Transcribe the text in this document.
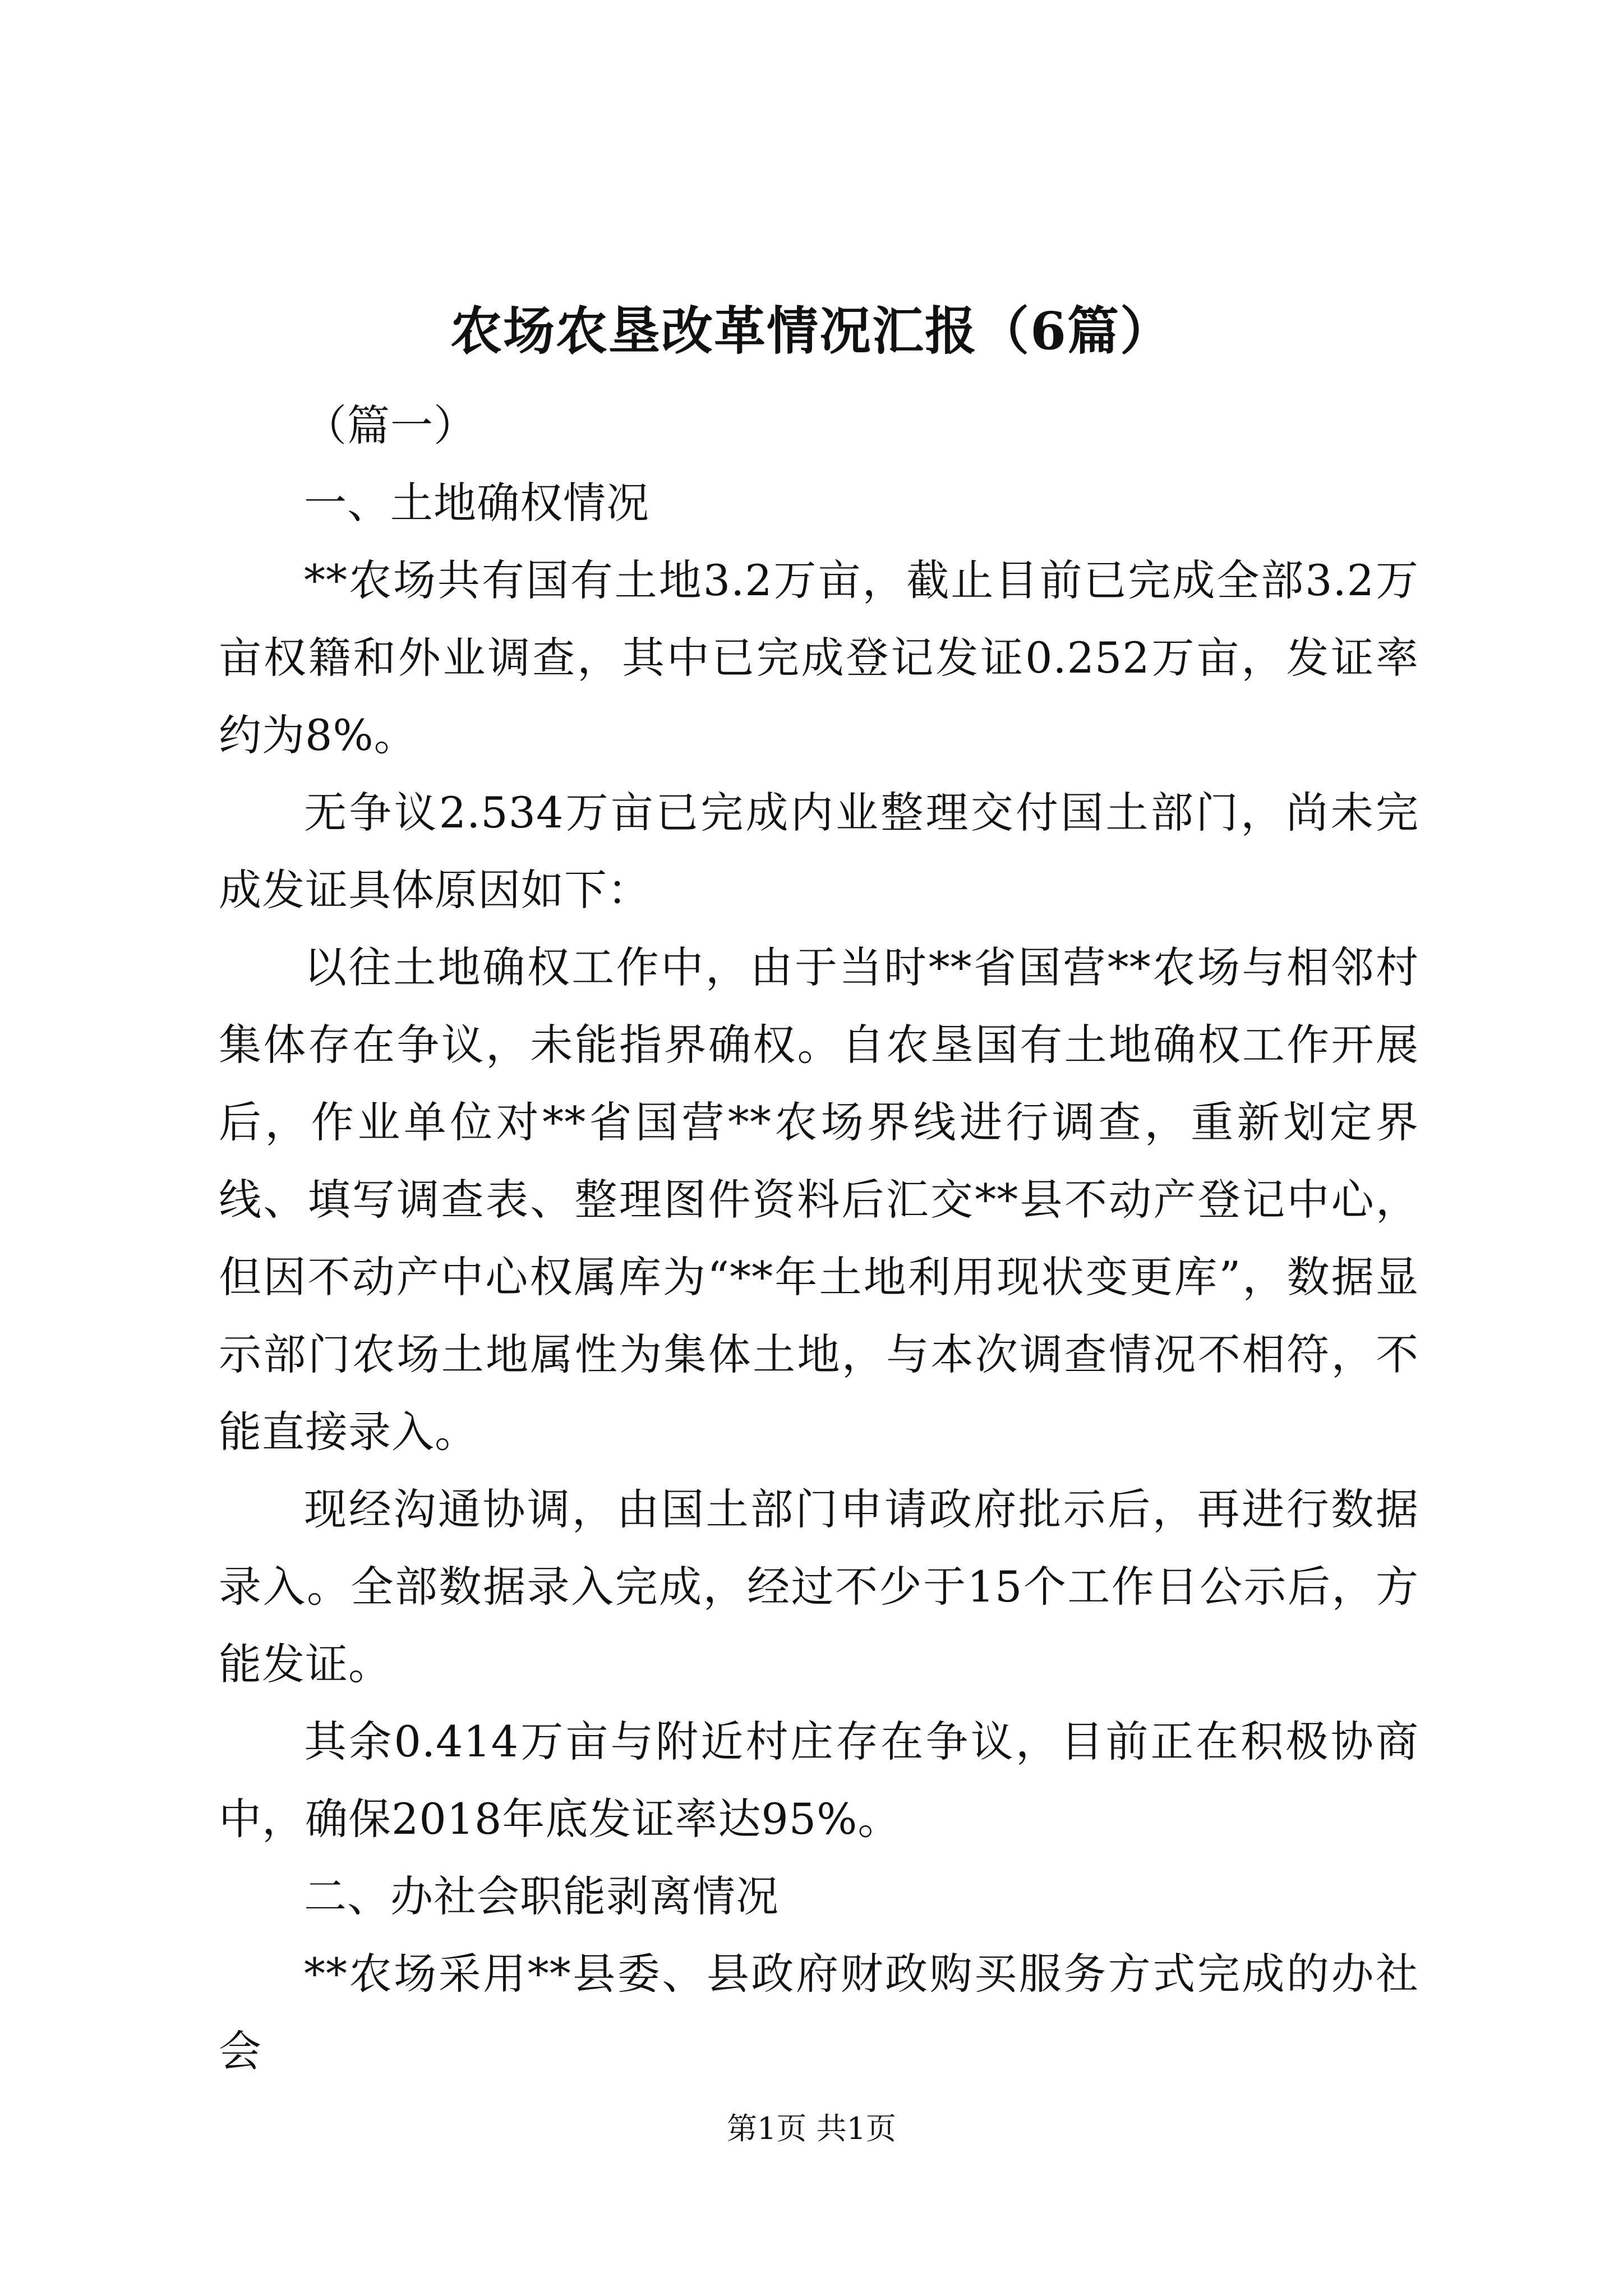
农场农垦改革情况汇报（6篇）

（篇一）

一、土地确权情况

**农场共有国有土地3.2万亩，截止目前已完成全部3.2万亩权籍和外业调查，其中已完成登记发证0.252万亩，发证率约为8%。

无争议2.534万亩已完成内业整理交付国土部门，尚未完成发证具体原因如下：

以往土地确权工作中，由于当时**省国营**农场与相邻村集体存在争议，未能指界确权。自农垦国有土地确权工作开展后，作业单位对**省国营**农场界线进行调查，重新划定界线、填写调查表、整理图件资料后汇交**县不动产登记中心，但因不动产中心权属库为“**年土地利用现状变更库”，数据显示部门农场土地属性为集体土地，与本次调查情况不相符，不能直接录入。

现经沟通协调，由国土部门申请政府批示后，再进行数据录入。全部数据录入完成，经过不少于15个工作日公示后，方能发证。

其余0.414万亩与附近村庄存在争议，目前正在积极协商中，确保2018年底发证率达95%。

二、办社会职能剥离情况

**农场采用**县委、县政府财政购买服务方式完成的办社会

第1页 共1页
